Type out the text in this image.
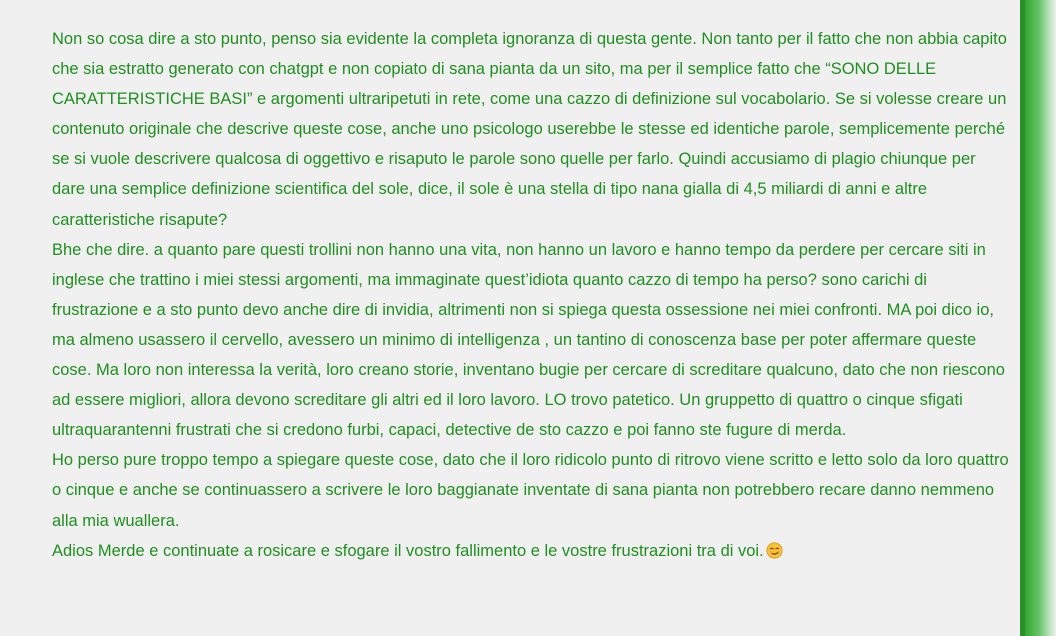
Non so cosa dire a sto punto, penso sia evidente la completa ignoranza di questa gente. Non tanto per il fatto che non abbia capito che sia estratto generato con chatgpt e non copiato di sana pianta da un sito, ma per il semplice fatto che “SONO DELLE CARATTERISTICHE BASI” e argomenti ultraripetuti in rete, come una cazzo di definizione sul vocabolario. Se si volesse creare un contenuto originale che descrive queste cose, anche uno psicologo userebbe le stesse ed identiche parole, semplicemente perché se si vuole descrivere qualcosa di oggettivo e risaputo le parole sono quelle per farlo. Quindi accusiamo di plagio chiunque per dare una semplice definizione scientifica del sole, dice, il sole è una stella di tipo nana gialla di 4,5 miliardi di anni e altre caratteristiche risapute?

Bhe che dire. a quanto pare questi trollini non hanno una vita, non hanno un lavoro e hanno tempo da perdere per cercare siti in inglese che trattino i miei stessi argomenti, ma immaginate quest’idiota quanto cazzo di tempo ha perso? sono carichi di frustrazione e a sto punto devo anche dire di invidia, altrimenti non si spiega questa ossessione nei miei confronti. MA poi dico io, ma almeno usassero il cervello, avessero un minimo di intelligenza , un tantino di conoscenza base per poter affermare queste cose. Ma loro non interessa la verità, loro creano storie, inventano bugie per cercare di screditare qualcuno, dato che non riescono ad essere migliori, allora devono screditare gli altri ed il loro lavoro. LO trovo patetico. Un gruppetto di quattro o cinque sfigati ultraquarantenni frustrati che si credono furbi, capaci, detective de sto cazzo e poi fanno ste fugure di merda.

Ho perso pure troppo tempo a spiegare queste cose, dato che il loro ridicolo punto di ritrovo viene scritto e letto solo da loro quattro o cinque e anche se continuassero a scrivere le loro baggianate inventate di sana pianta non potrebbero recare danno nemmeno alla mia wuallera.

Adios Merde e continuate a rosicare e sfogare il vostro fallimento e le vostre frustrazioni tra di voi.
